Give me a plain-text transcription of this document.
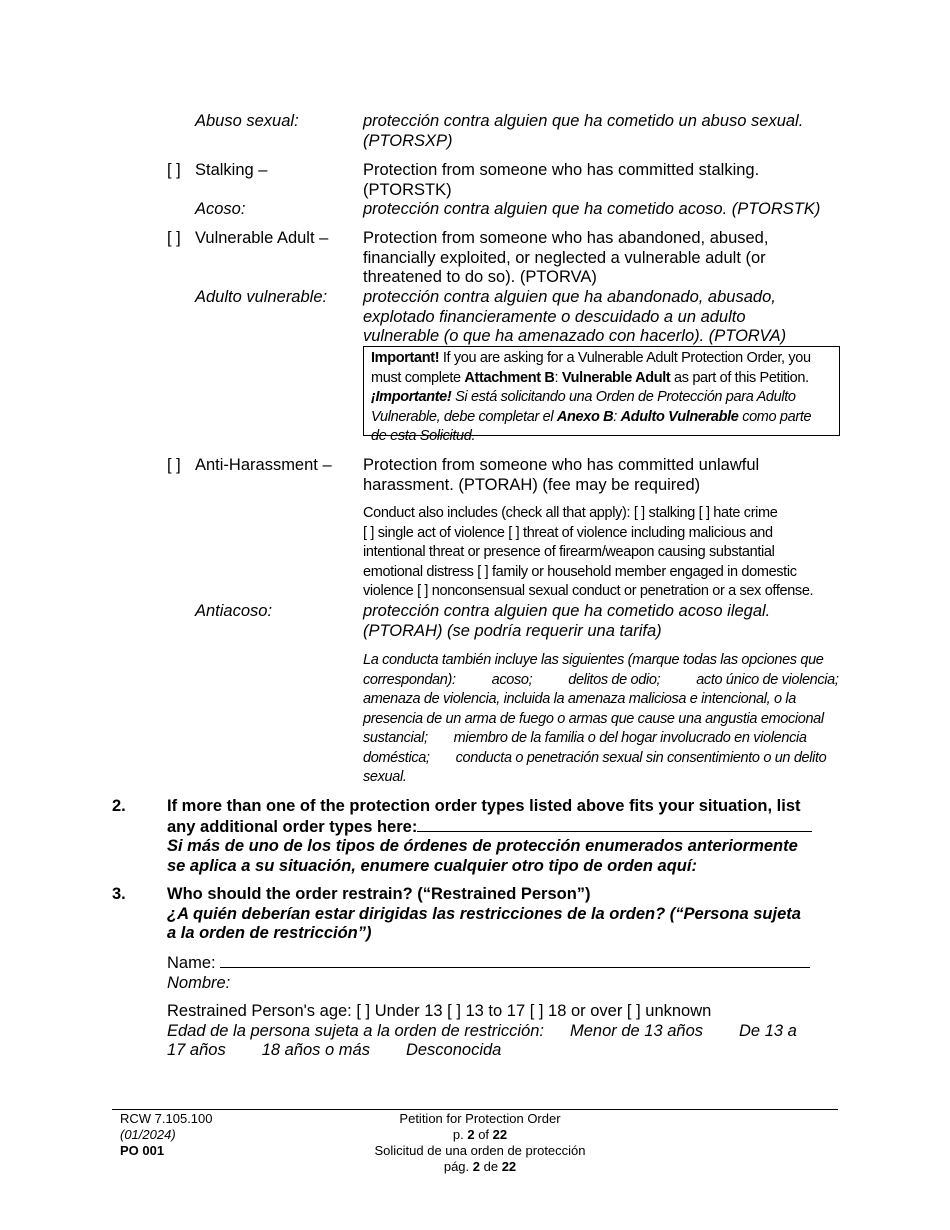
Abuso sexual:	protección contra alguien que ha cometido un abuso sexual.
(PTORSXP)
[ ] Stalking –	Protection from someone who has committed stalking.
(PTORSTK)
Acoso:	protección contra alguien que ha cometido acoso. (PTORSTK)
[ ] Vulnerable Adult – Protection from someone who has abandoned, abused,
financially exploited, or neglected a vulnerable adult (or
threatened to do so). (PTORVA)
Adulto vulnerable: protección contra alguien que ha abandonado, abusado,
explotado financieramente o descuidado a un adulto
vulnerable (o que ha amenazado con hacerlo). (PTORVA)
Important! If you are asking for a Vulnerable Adult Protection Order, you
must complete Attachment B: Vulnerable Adult as part of this Petition.
¡Importante! Si está solicitando una Orden de Protección para Adulto
Vulnerable, debe completar el Anexo B: Adulto Vulnerable como parte
de esta Solicitud.
[ ] Anti-Harassment – Protection from someone who has committed unlawful
harassment. (PTORAH) (fee may be required)
Conduct also includes (check all that apply): [ ] stalking [ ] hate crime
[ ] single act of violence [ ] threat of violence including malicious and
intentional threat or presence of firearm/weapon causing substantial
emotional distress [ ] family or household member engaged in domestic
violence [ ] nonconsensual sexual conduct or penetration or a sex offense.
Antiacoso:	protección contra alguien que ha cometido acoso ilegal.
(PTORAH) (se podría requerir una tarifa)
La conducta también incluye las siguientes (marque todas las opciones que
correspondan): acoso; delitos de odio; acto único de violencia;
amenaza de violencia, incluida la amenaza maliciosa e intencional, o la
presencia de un arma de fuego o armas que cause una angustia emocional
sustancial; miembro de la familia o del hogar involucrado en violencia
doméstica; conducta o penetración sexual sin consentimiento o un delito
sexual.
2. If more than one of the protection order types listed above fits your situation, list
any additional order types here:
Si más de uno de los tipos de órdenes de protección enumerados anteriormente
se aplica a su situación, enumere cualquier otro tipo de orden aquí:
3. Who should the order restrain? (“Restrained Person”)
¿A quién deberían estar dirigidas las restricciones de la orden? (“Persona sujeta
a la orden de restricción”)
Name:
Nombre:
Restrained Person's age: [ ] Under 13 [ ] 13 to 17 [ ] 18 or over [ ] unknown
Edad de la persona sujeta a la orden de restricción: Menor de 13 años De 13 a
17 años 18 años o más Desconocida
RCW 7.105.100
(01/2024)
PO 001
Petition for Protection Order
p. 2 of 22
Solicitud de una orden de protección
pág. 2 de 22
